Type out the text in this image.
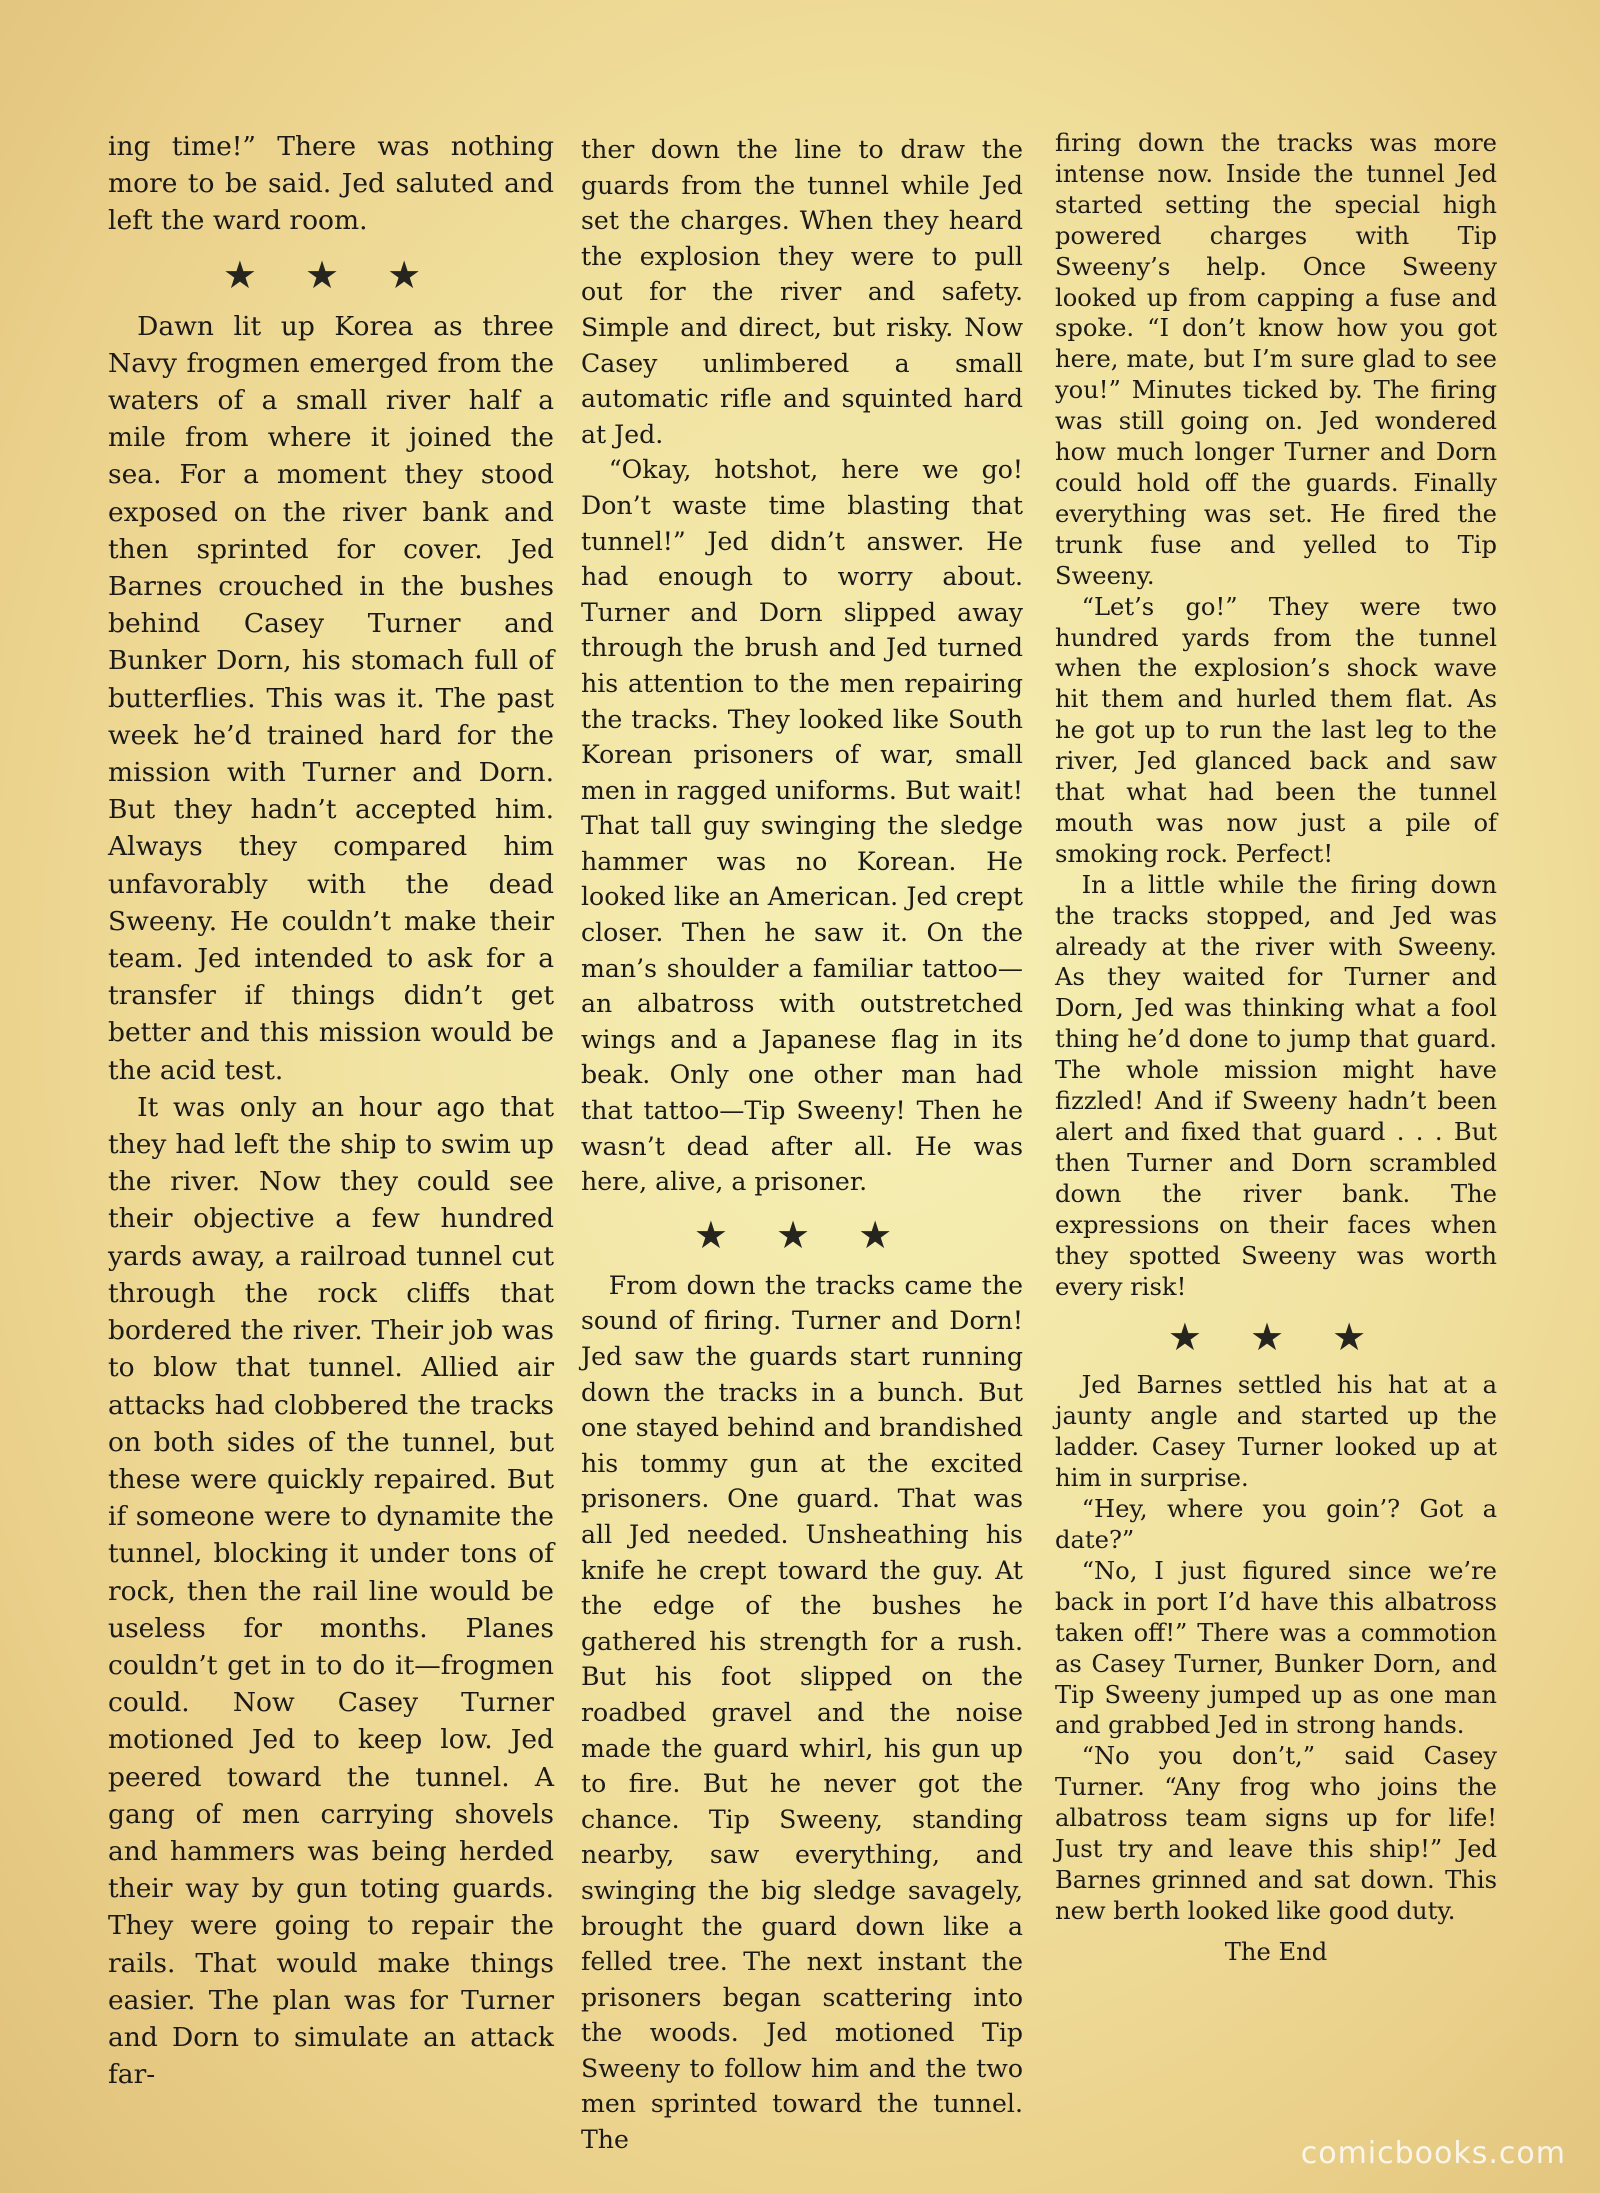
ing time!” There was nothing more to be said. Jed saluted and left the ward room.

★ ★ ★

Dawn lit up Korea as three Navy frogmen emerged from the waters of a small river half a mile from where it joined the sea. For a moment they stood exposed on the river bank and then sprinted for cover. Jed Barnes crouched in the bushes behind Casey Turner and Bunker Dorn, his stomach full of butterflies. This was it. The past week he’d trained hard for the mission with Turner and Dorn. But they hadn’t accepted him. Always they compared him unfavorably with the dead Sweeny. He couldn’t make their team. Jed intended to ask for a transfer if things didn’t get better and this mission would be the acid test.

It was only an hour ago that they had left the ship to swim up the river. Now they could see their objective a few hundred yards away, a railroad tunnel cut through the rock cliffs that bordered the river. Their job was to blow that tunnel. Allied air attacks had clobbered the tracks on both sides of the tunnel, but these were quickly repaired. But if someone were to dynamite the tunnel, blocking it under tons of rock, then the rail line would be useless for months. Planes couldn’t get in to do it—frogmen could. Now Casey Turner motioned Jed to keep low. Jed peered toward the tunnel. A gang of men carrying shovels and hammers was being herded their way by gun toting guards. They were going to repair the rails. That would make things easier. The plan was for Turner and Dorn to simulate an attack far-

ther down the line to draw the guards from the tunnel while Jed set the charges. When they heard the explosion they were to pull out for the river and safety. Simple and direct, but risky. Now Casey unlimbered a small automatic rifle and squinted hard at Jed.

“Okay, hotshot, here we go! Don’t waste time blasting that tunnel!” Jed didn’t answer. He had enough to worry about. Turner and Dorn slipped away through the brush and Jed turned his attention to the men repairing the tracks. They looked like South Korean prisoners of war, small men in ragged uniforms. But wait! That tall guy swinging the sledge hammer was no Korean. He looked like an American. Jed crept closer. Then he saw it. On the man’s shoulder a familiar tattoo—an albatross with outstretched wings and a Japanese flag in its beak. Only one other man had that tattoo—Tip Sweeny! Then he wasn’t dead after all. He was here, alive, a prisoner.

★ ★ ★

From down the tracks came the sound of firing. Turner and Dorn! Jed saw the guards start running down the tracks in a bunch. But one stayed behind and brandished his tommy gun at the excited prisoners. One guard. That was all Jed needed. Unsheathing his knife he crept toward the guy. At the edge of the bushes he gathered his strength for a rush. But his foot slipped on the roadbed gravel and the noise made the guard whirl, his gun up to fire. But he never got the chance. Tip Sweeny, standing nearby, saw everything, and swinging the big sledge savagely, brought the guard down like a felled tree. The next instant the prisoners began scattering into the woods. Jed motioned Tip Sweeny to follow him and the two men sprinted toward the tunnel. The

firing down the tracks was more intense now. Inside the tunnel Jed started setting the special high powered charges with Tip Sweeny’s help. Once Sweeny looked up from capping a fuse and spoke. “I don’t know how you got here, mate, but I’m sure glad to see you!” Minutes ticked by. The firing was still going on. Jed wondered how much longer Turner and Dorn could hold off the guards. Finally everything was set. He fired the trunk fuse and yelled to Tip Sweeny.

“Let’s go!” They were two hundred yards from the tunnel when the explosion’s shock wave hit them and hurled them flat. As he got up to run the last leg to the river, Jed glanced back and saw that what had been the tunnel mouth was now just a pile of smoking rock. Perfect!

In a little while the firing down the tracks stopped, and Jed was already at the river with Sweeny. As they waited for Turner and Dorn, Jed was thinking what a fool thing he’d done to jump that guard. The whole mission might have fizzled! And if Sweeny hadn’t been alert and fixed that guard . . . But then Turner and Dorn scrambled down the river bank. The expressions on their faces when they spotted Sweeny was worth every risk!

★ ★ ★

Jed Barnes settled his hat at a jaunty angle and started up the ladder. Casey Turner looked up at him in surprise.

“Hey, where you goin’? Got a date?”

“No, I just figured since we’re back in port I’d have this albatross taken off!” There was a commotion as Casey Turner, Bunker Dorn, and Tip Sweeny jumped up as one man and grabbed Jed in strong hands.

“No you don’t,” said Casey Turner. “Any frog who joins the albatross team signs up for life! Just try and leave this ship!” Jed Barnes grinned and sat down. This new berth looked like good duty.

The End
comicbooks.com
